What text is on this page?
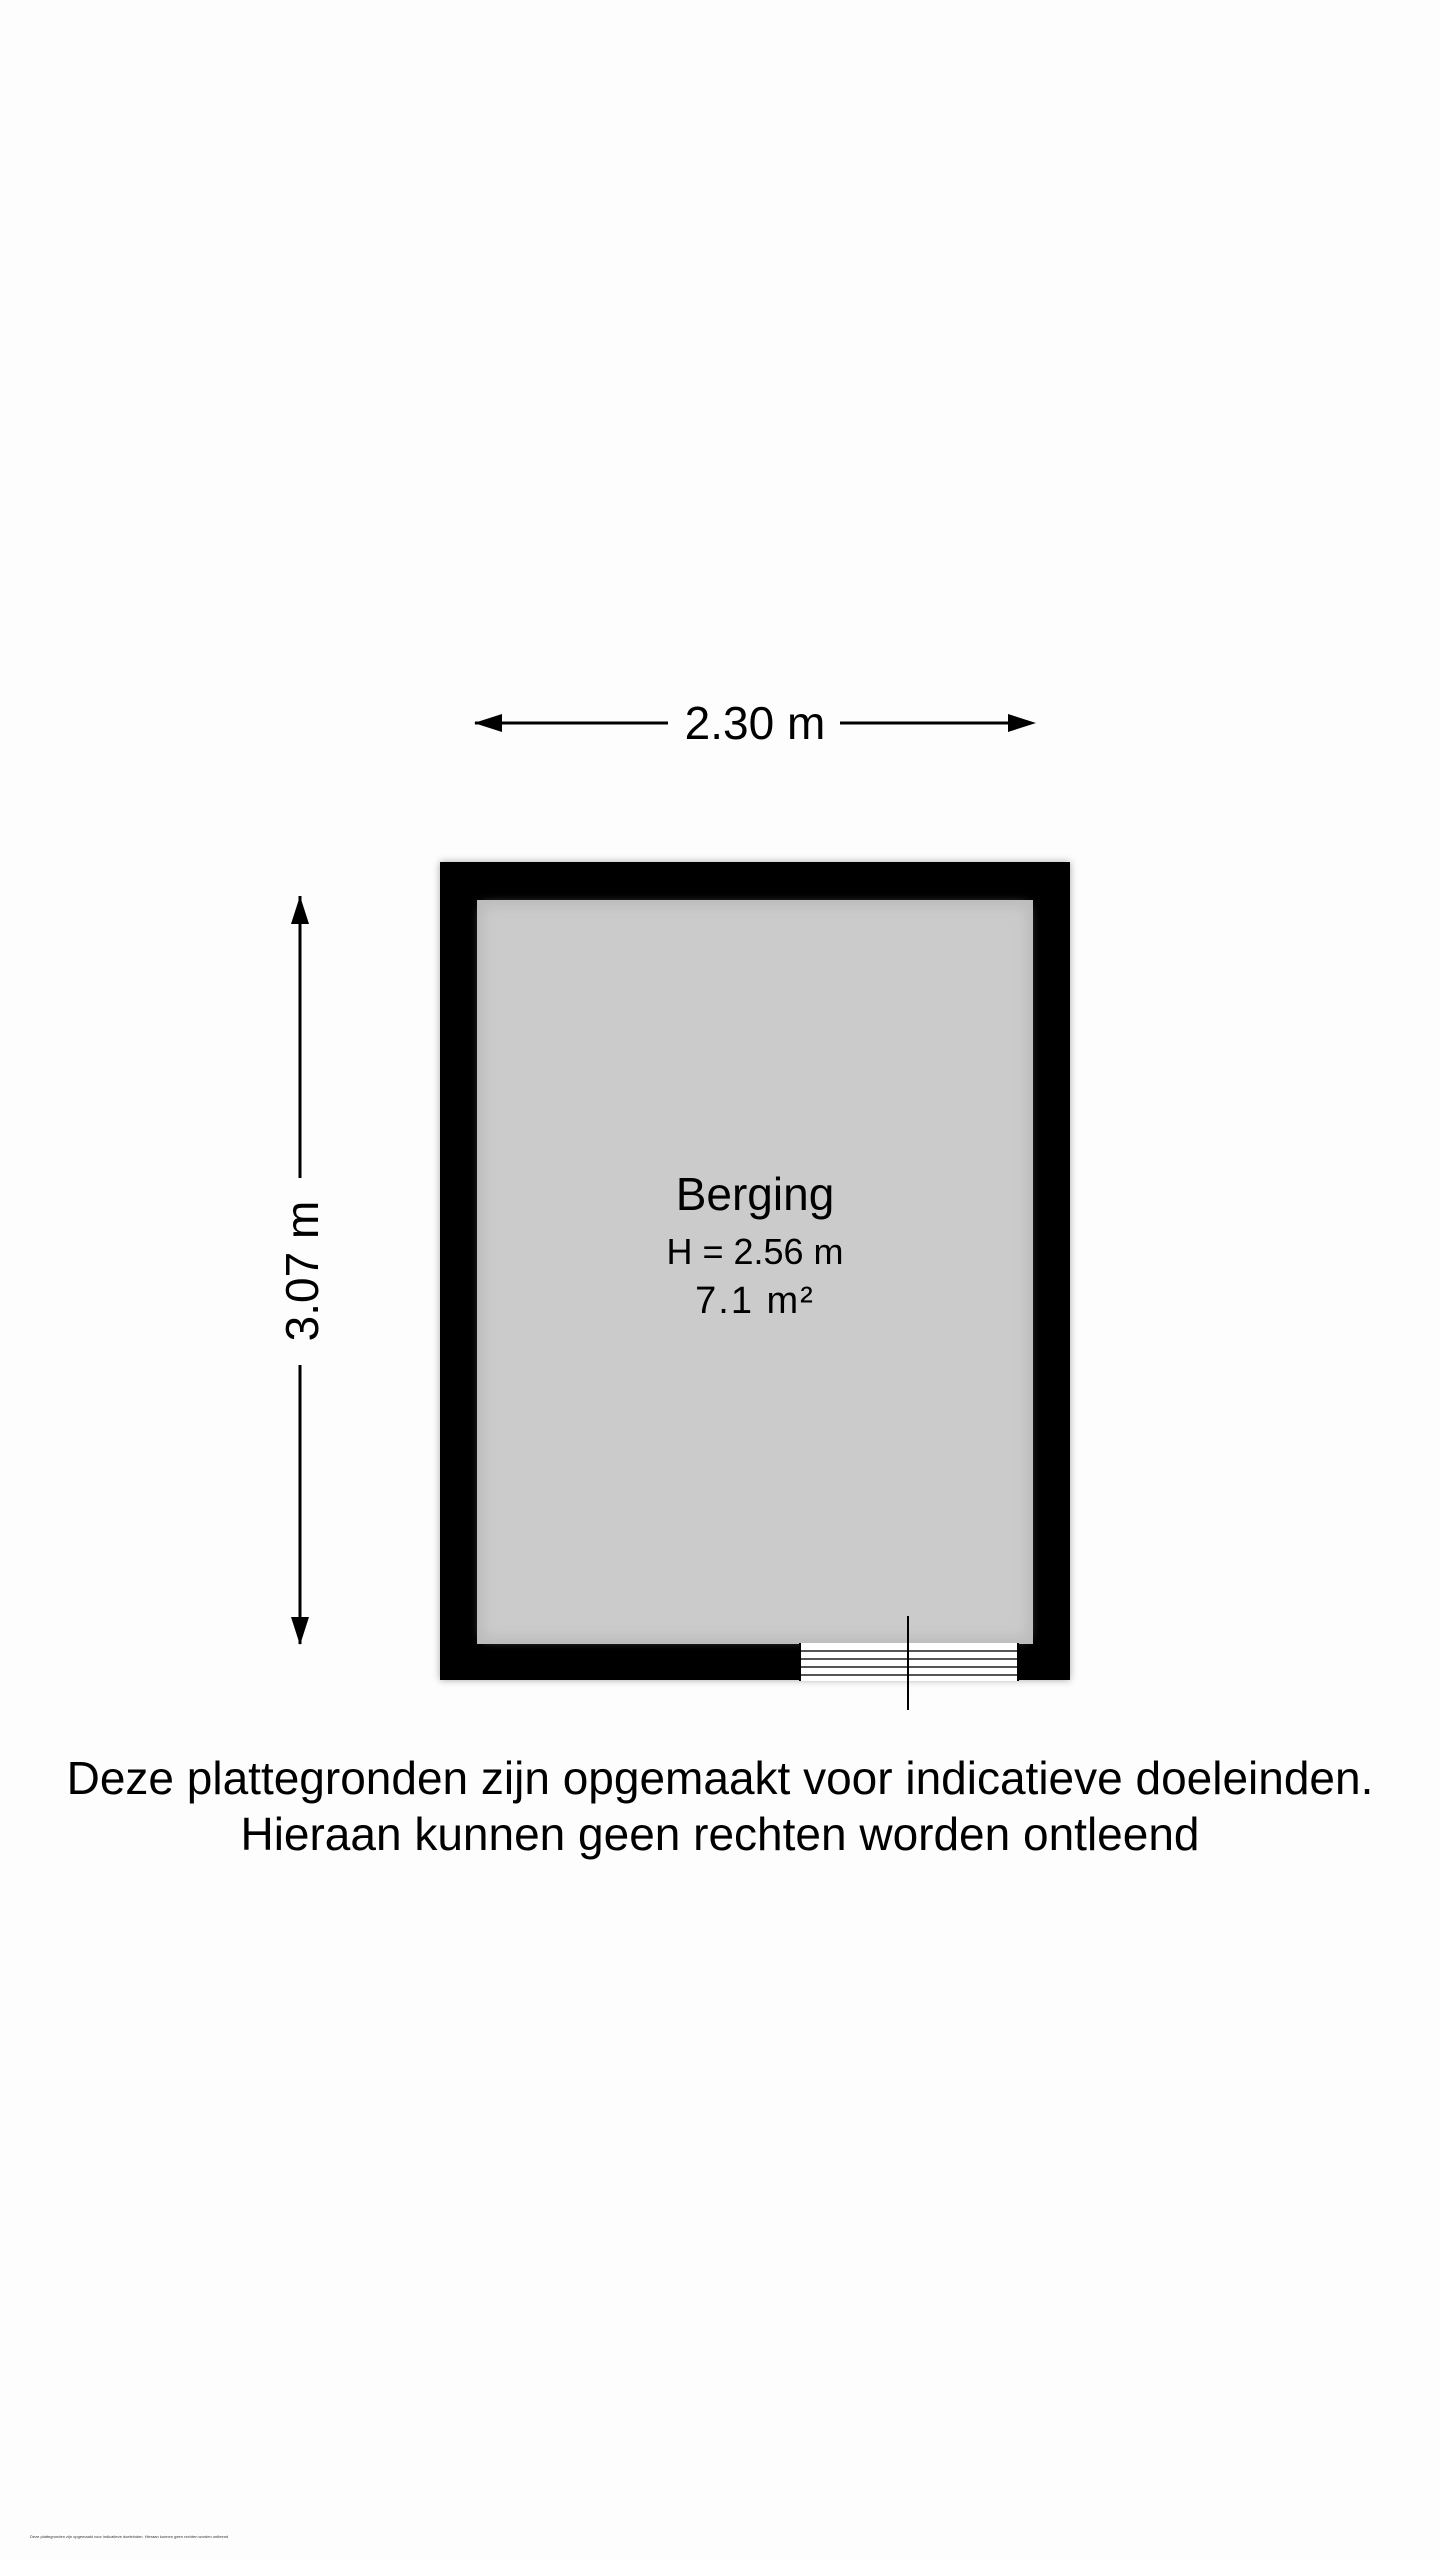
2.30 m
3.07 m
Berging
H = 2.56 m
7.1 m²
Deze plattegronden zijn opgemaakt voor indicatieve doeleinden.
Hieraan kunnen geen rechten worden ontleend
Deze plattegronden zijn opgemaakt voor indicatieve doeleinden. Hieraan kunnen geen rechten worden ontleend
